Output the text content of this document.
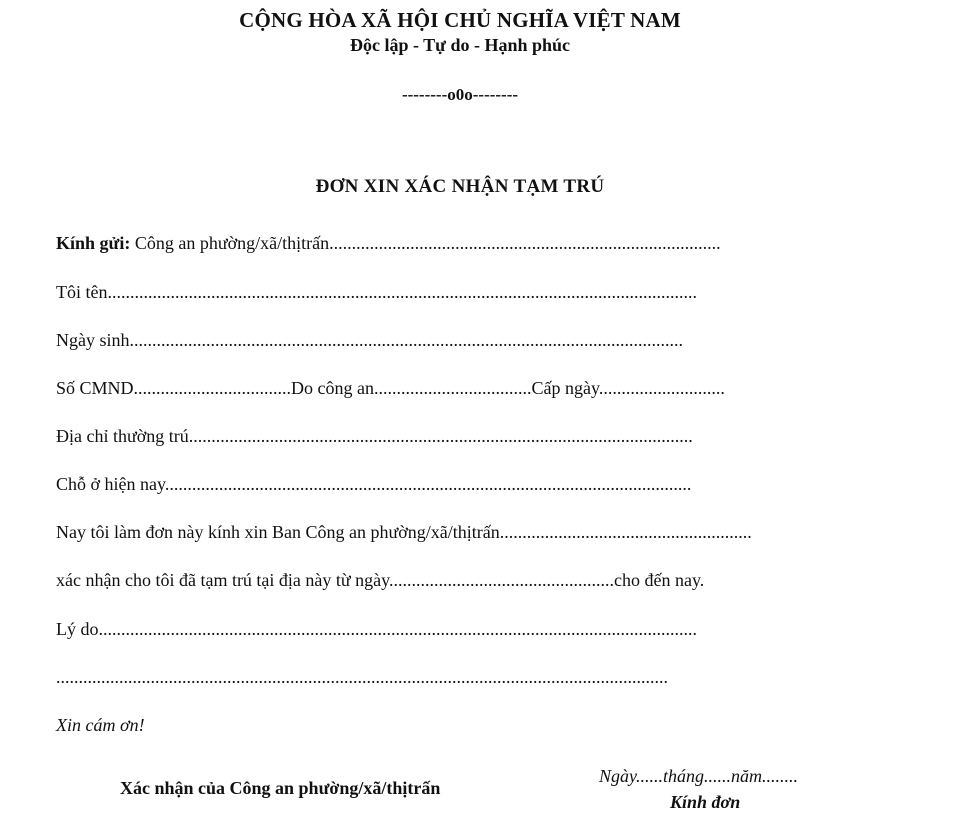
CỘNG HÒA XÃ HỘI CHỦ NGHĨA VIỆT NAM
Độc lập - Tự do - Hạnh phúc
--------o0o--------
ĐƠN XIN XÁC NHẬN TẠM TRÚ
Kính gửi: Công an phường/xã/thịtrấn.......................................................................................
Tôi tên...................................................................................................................................
Ngày sinh...........................................................................................................................
Số CMND...................................Do công an...................................Cấp ngày............................
Địa chỉ thường trú................................................................................................................
Chỗ ở hiện nay.....................................................................................................................
Nay tôi làm đơn này kính xin Ban Công an phường/xã/thịtrấn........................................................
xác nhận cho tôi đã tạm trú tại địa này từ ngày..................................................cho đến nay.
Lý do.....................................................................................................................................
........................................................................................................................................
Xin cám ơn!
Xác nhận của Công an phường/xã/thịtrấn
Ngày......tháng......năm........
Kính đơn
